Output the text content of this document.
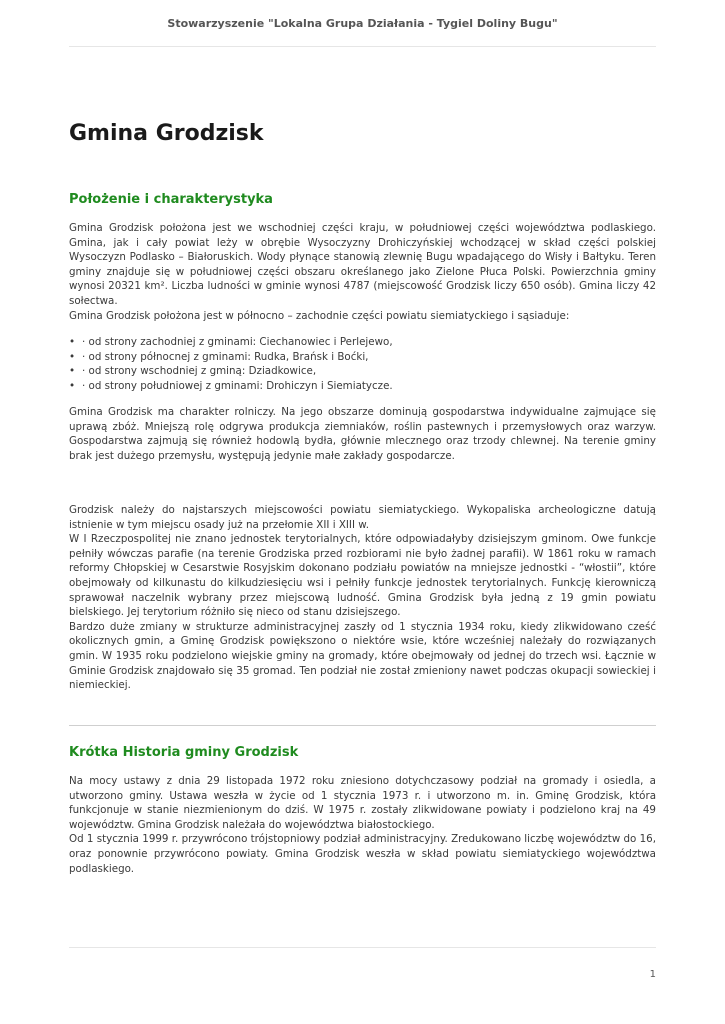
Stowarzyszenie "Lokalna Grupa Działania - Tygiel Doliny Bugu"
Gmina Grodzisk
Położenie i charakterystyka

Gmina Grodzisk położona jest we wschodniej części kraju, w południowej części województwa podlaskiego. Gmina, jak i cały powiat leży w obrębie Wysoczyzny Drohiczyńskiej wchodzącej w skład części polskiej Wysoczyzn Podlasko – Białoruskich. Wody płynące stanowią zlewnię Bugu wpadającego do Wisły i Bałtyku. Teren gminy znajduje się w południowej części obszaru określanego jako Zielone Płuca Polski. Powierzchnia gminy wynosi 20321 km². Liczba ludności w gminie wynosi 4787 (miejscowość Grodzisk liczy 650 osób). Gmina liczy 42 sołectwa.

Gmina Grodzisk położona jest w północno – zachodnie części powiatu siemiatyckiego i sąsiaduje:

• · od strony zachodniej z gminami: Ciechanowiec i Perlejewo,
• · od strony północnej z gminami: Rudka, Brańsk i Boćki,
• · od strony wschodniej z gminą: Dziadkowice,
• · od strony południowej z gminami: Drohiczyn i Siemiatycze.

Gmina Grodzisk ma charakter rolniczy. Na jego obszarze dominują gospodarstwa indywidualne zajmujące się uprawą zbóż. Mniejszą rolę odgrywa produkcja ziemniaków, roślin pastewnych i przemysłowych oraz warzyw. Gospodarstwa zajmują się również hodowlą bydła, głównie mlecznego oraz trzody chlewnej. Na terenie gminy brak jest dużego przemysłu, występują jedynie małe zakłady gospodarcze.

Grodzisk należy do najstarszych miejscowości powiatu siemiatyckiego. Wykopaliska archeologiczne datują istnienie w tym miejscu osady już na przełomie XII i XIII w.

W I Rzeczpospolitej nie znano jednostek terytorialnych, które odpowiadałyby dzisiejszym gminom. Owe funkcje pełniły wówczas parafie (na terenie Grodziska przed rozbiorami nie było żadnej parafii). W 1861 roku w ramach reformy Chłopskiej w Cesarstwie Rosyjskim dokonano podziału powiatów na mniejsze jednostki - “włostii”, które obejmowały od kilkunastu do kilkudziesięciu wsi i pełniły funkcje jednostek terytorialnych. Funkcję kierowniczą sprawował naczelnik wybrany przez miejscową ludność. Gmina Grodzisk była jedną z 19 gmin powiatu bielskiego. Jej terytorium różniło się nieco od stanu dzisiejszego.

Bardzo duże zmiany w strukturze administracyjnej zaszły od 1 stycznia 1934 roku, kiedy zlikwidowano cześć okolicznych gmin, a Gminę Grodzisk powiększono o niektóre wsie, które wcześniej należały do rozwiązanych gmin. W 1935 roku podzielono wiejskie gminy na gromady, które obejmowały od jednej do trzech wsi. Łącznie w Gminie Grodzisk znajdowało się 35 gromad. Ten podział nie został zmieniony nawet podczas okupacji sowieckiej i niemieckiej.

Krótka Historia gminy Grodzisk

Na mocy ustawy z dnia 29 listopada 1972 roku zniesiono dotychczasowy podział na gromady i osiedla, a utworzono gminy. Ustawa weszła w życie od 1 stycznia 1973 r. i utworzono m. in. Gminę Grodzisk, która funkcjonuje w stanie niezmienionym do dziś. W 1975 r. zostały zlikwidowane powiaty i podzielono kraj na 49 województw. Gmina Grodzisk należała do województwa białostockiego.

Od 1 stycznia 1999 r. przywrócono trójstopniowy podział administracyjny. Zredukowano liczbę województw do 16, oraz ponownie przywrócono powiaty. Gmina Grodzisk weszła w skład powiatu siemiatyckiego województwa podlaskiego.

1
